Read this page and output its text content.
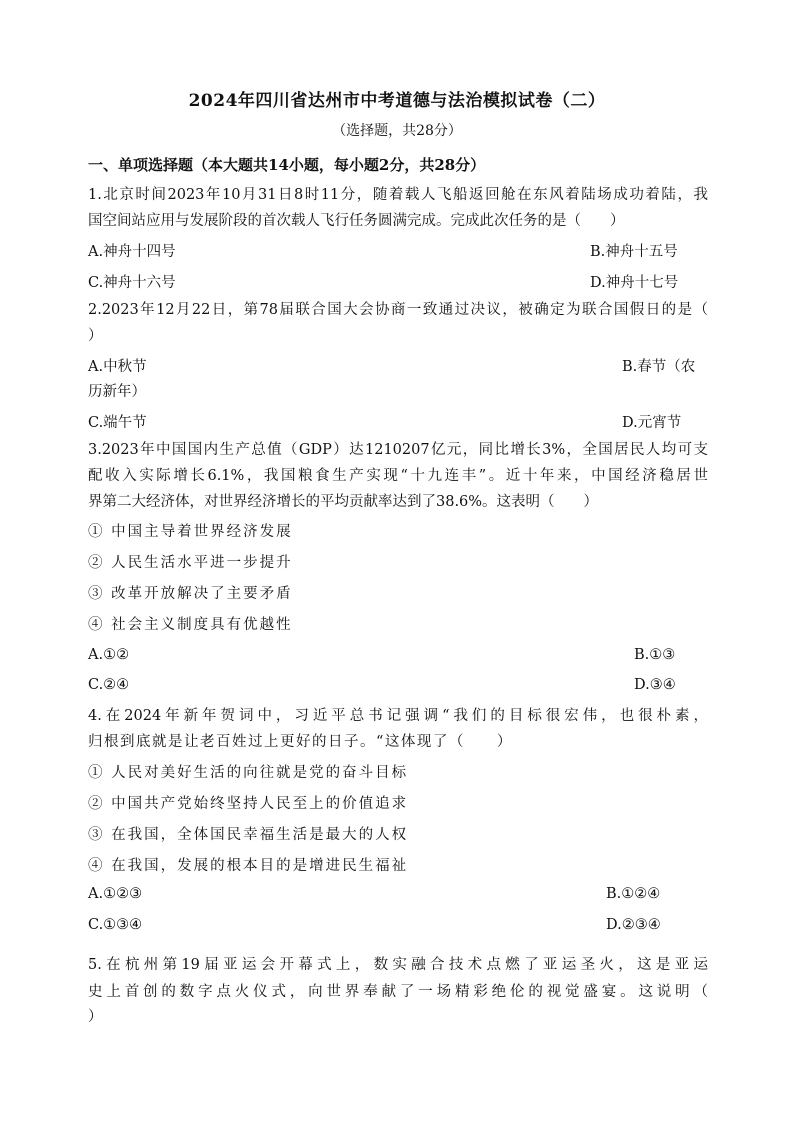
2024年四川省达州市中考道德与法治模拟试卷（二）
（选择题，共28分）
一、单项选择题（本大题共14小题，每小题2分，共28分）
1.北京时间2023年10月31日8时11分，随着载人飞船返回舱在东风着陆场成功着陆，我
国空间站应用与发展阶段的首次载人飞行任务圆满完成。完成此次任务的是（　　）
A.神舟十四号	B.神舟十五号
C.神舟十六号	D.神舟十七号
2.2023年12月22日，第78届联合国大会协商一致通过决议，被确定为联合国假日的是（
）
A.中秋节	B.春节（农
历新年）
C.端午节	D.元宵节
3.2023年中国国内生产总值（GDP）达1210207亿元，同比增长3%，全国居民人均可支
配收入实际增长6.1%，我国粮食生产实现“十九连丰”。近十年来，中国经济稳居世
界第二大经济体，对世界经济增长的平均贡献率达到了38.6%。这表明（　　）
① 中国主导着世界经济发展
② 人民生活水平进一步提升
③ 改革开放解决了主要矛盾
④ 社会主义制度具有优越性
A.①②	B.①③
C.②④	D.③④
4.在2024年新年贺词中，习近平总书记强调“我们的目标很宏伟，也很朴素，
归根到底就是让老百姓过上更好的日子。“这体现了（　　）
① 人民对美好生活的向往就是党的奋斗目标
② 中国共产党始终坚持人民至上的价值追求
③ 在我国，全体国民幸福生活是最大的人权
④ 在我国，发展的根本目的是增进民生福祉
A.①②③	B.①②④
C.①③④	D.②③④
5.在杭州第19届亚运会开幕式上，数实融合技术点燃了亚运圣火，这是亚运
史上首创的数字点火仪式，向世界奉献了一场精彩绝伦的视觉盛宴。这说明（
）
